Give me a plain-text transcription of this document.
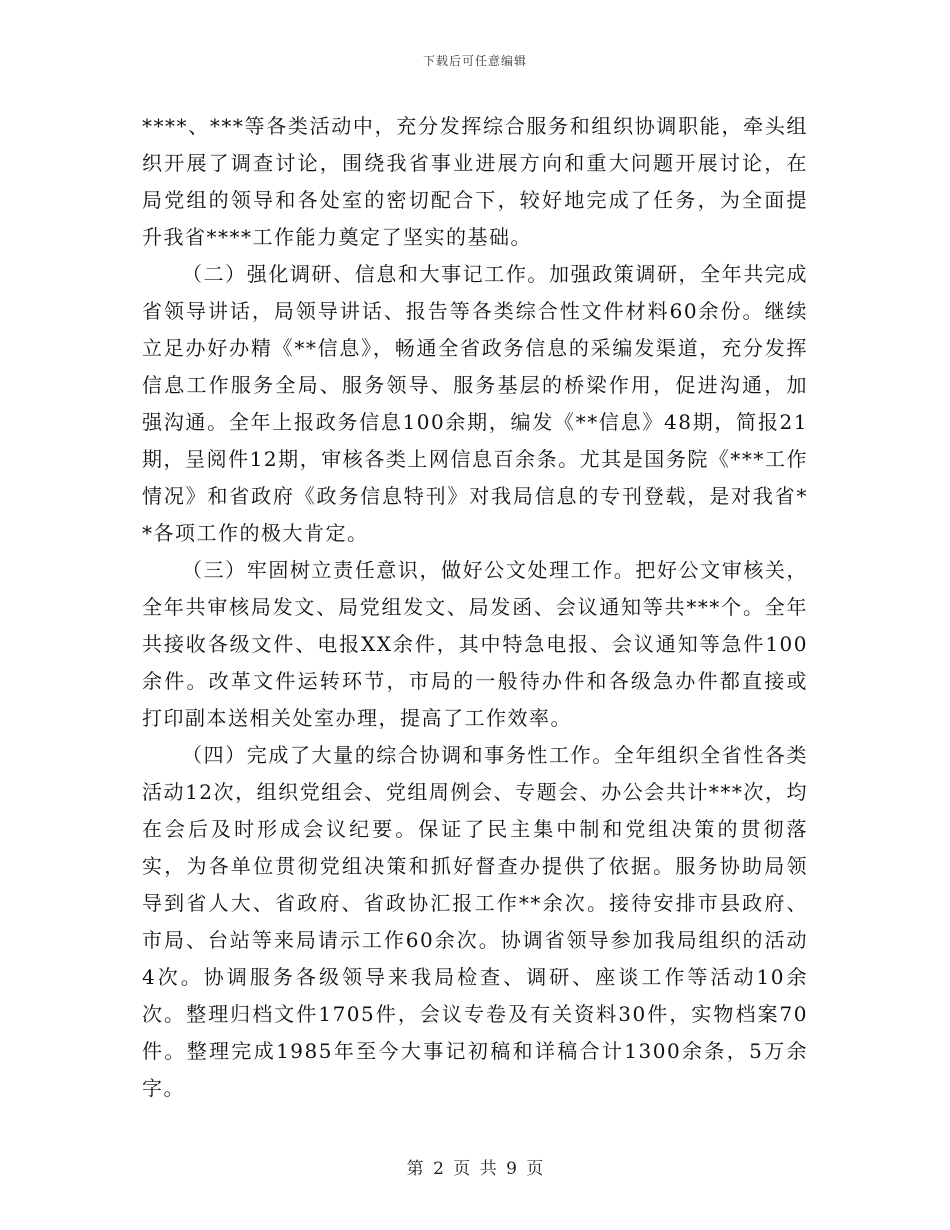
下载后可任意编辑

****、***等各类活动中，充分发挥综合服务和组织协调职能，牵头组织开展了调查讨论，围绕我省事业进展方向和重大问题开展讨论，在局党组的领导和各处室的密切配合下，较好地完成了任务，为全面提升我省****工作能力奠定了坚实的基础。

（二）强化调研、信息和大事记工作。加强政策调研，全年共完成省领导讲话，局领导讲话、报告等各类综合性文件材料60余份。继续立足办好办精《**信息》，畅通全省政务信息的采编发渠道，充分发挥信息工作服务全局、服务领导、服务基层的桥梁作用，促进沟通，加强沟通。全年上报政务信息100余期，编发《**信息》48期，简报21期，呈阅件12期，审核各类上网信息百余条。尤其是国务院《***工作情况》和省政府《政务信息特刊》对我局信息的专刊登载，是对我省**各项工作的极大肯定。

（三）牢固树立责任意识，做好公文处理工作。把好公文审核关，全年共审核局发文、局党组发文、局发函、会议通知等共***个。全年共接收各级文件、电报XX余件，其中特急电报、会议通知等急件100余件。改革文件运转环节，市局的一般待办件和各级急办件都直接或打印副本送相关处室办理，提高了工作效率。

（四）完成了大量的综合协调和事务性工作。全年组织全省性各类活动12次，组织党组会、党组周例会、专题会、办公会共计***次，均在会后及时形成会议纪要。保证了民主集中制和党组决策的贯彻落实，为各单位贯彻党组决策和抓好督查办提供了依据。服务协助局领导到省人大、省政府、省政协汇报工作**余次。接待安排市县政府、市局、台站等来局请示工作60余次。协调省领导参加我局组织的活动4次。协调服务各级领导来我局检查、调研、座谈工作等活动10余次。整理归档文件1705件，会议专卷及有关资料30件，实物档案70件。整理完成1985年至今大事记初稿和详稿合计1300余条，5万余字。

第 2 页 共 9 页
